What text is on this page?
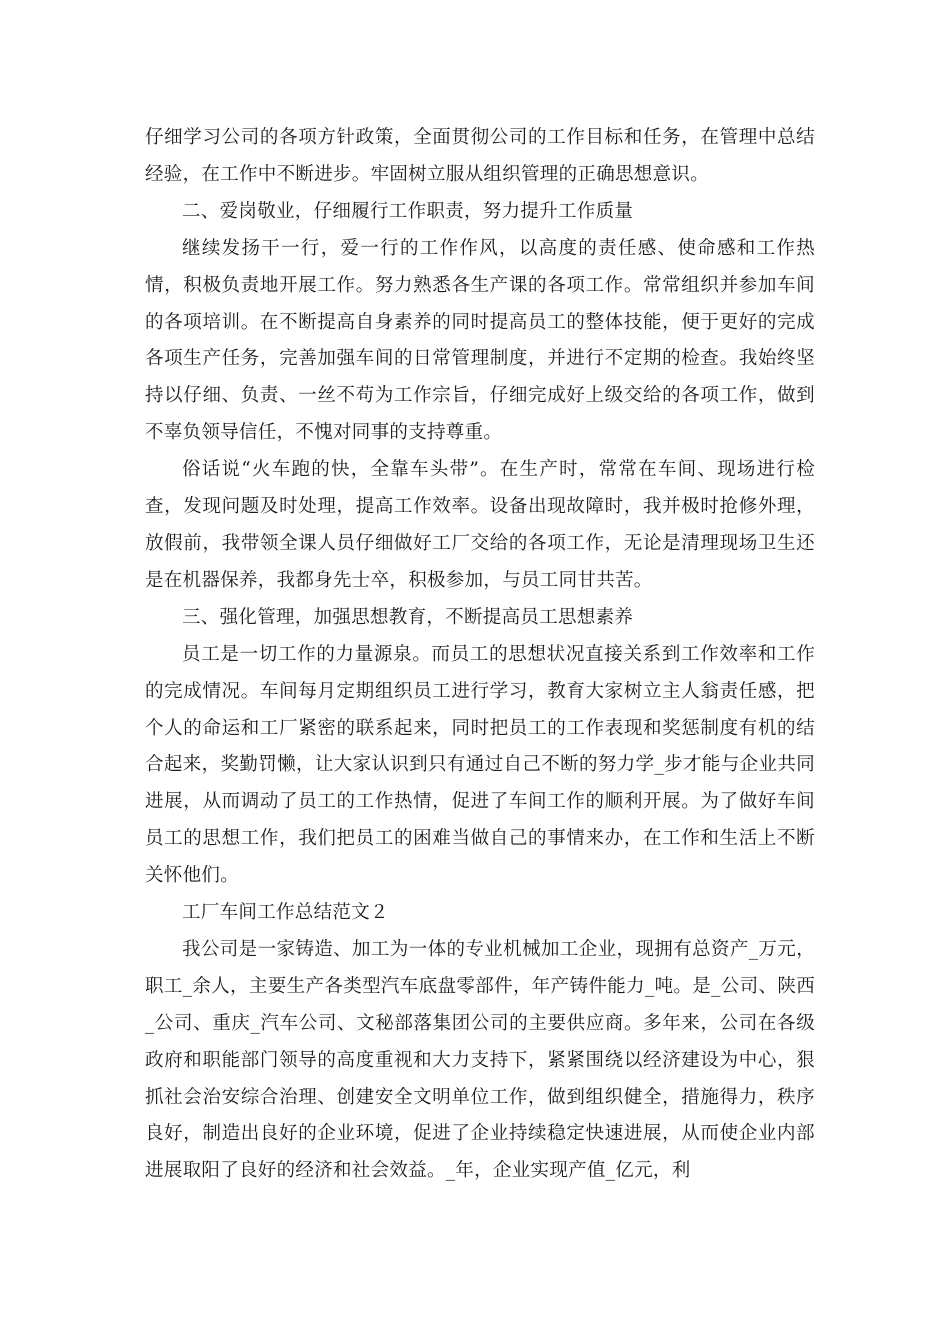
仔细学习公司的各项方针政策，全面贯彻公司的工作目标和任务，在管理中总结经验，在工作中不断进步。牢固树立服从组织管理的正确思想意识。

二、爱岗敬业，仔细履行工作职责，努力提升工作质量

继续发扬干一行，爱一行的工作作风，以高度的责任感、使命感和工作热情，积极负责地开展工作。努力熟悉各生产课的各项工作。常常组织并参加车间的各项培训。在不断提高自身素养的同时提高员工的整体技能，便于更好的完成各项生产任务，完善加强车间的日常管理制度，并进行不定期的检查。我始终坚持以仔细、负责、一丝不苟为工作宗旨，仔细完成好上级交给的各项工作，做到不辜负领导信任，不愧对同事的支持尊重。

俗话说“火车跑的快，全靠车头带”。在生产时，常常在车间、现场进行检查，发现问题及时处理，提高工作效率。设备出现故障时，我并极时抢修外理，放假前，我带领全课人员仔细做好工厂交给的各项工作，无论是清理现场卫生还是在机器保养，我都身先士卒，积极参加，与员工同甘共苦。

三、强化管理，加强思想教育，不断提高员工思想素养

员工是一切工作的力量源泉。而员工的思想状况直接关系到工作效率和工作的完成情况。车间每月定期组织员工进行学习，教育大家树立主人翁责任感，把个人的命运和工厂紧密的联系起来，同时把员工的工作表现和奖惩制度有机的结合起来，奖勤罚懒，让大家认识到只有通过自己不断的努力学_步才能与企业共同进展，从而调动了员工的工作热情，促进了车间工作的顺利开展。为了做好车间员工的思想工作，我们把员工的困难当做自己的事情来办，在工作和生活上不断关怀他们。

工厂车间工作总结范文２

我公司是一家铸造、加工为一体的专业机械加工企业，现拥有总资产_万元，职工_余人，主要生产各类型汽车底盘零部件，年产铸件能力_吨。是_公司、陕西_公司、重庆_汽车公司、文秘部落集团公司的主要供应商。多年来，公司在各级政府和职能部门领导的高度重视和大力支持下，紧紧围绕以经济建设为中心，狠抓社会治安综合治理、创建安全文明单位工作，做到组织健全，措施得力，秩序良好，制造出良好的企业环境，促进了企业持续稳定快速进展，从而使企业内部进展取阳了良好的经济和社会效益。_年，企业实现产值_亿元，利
